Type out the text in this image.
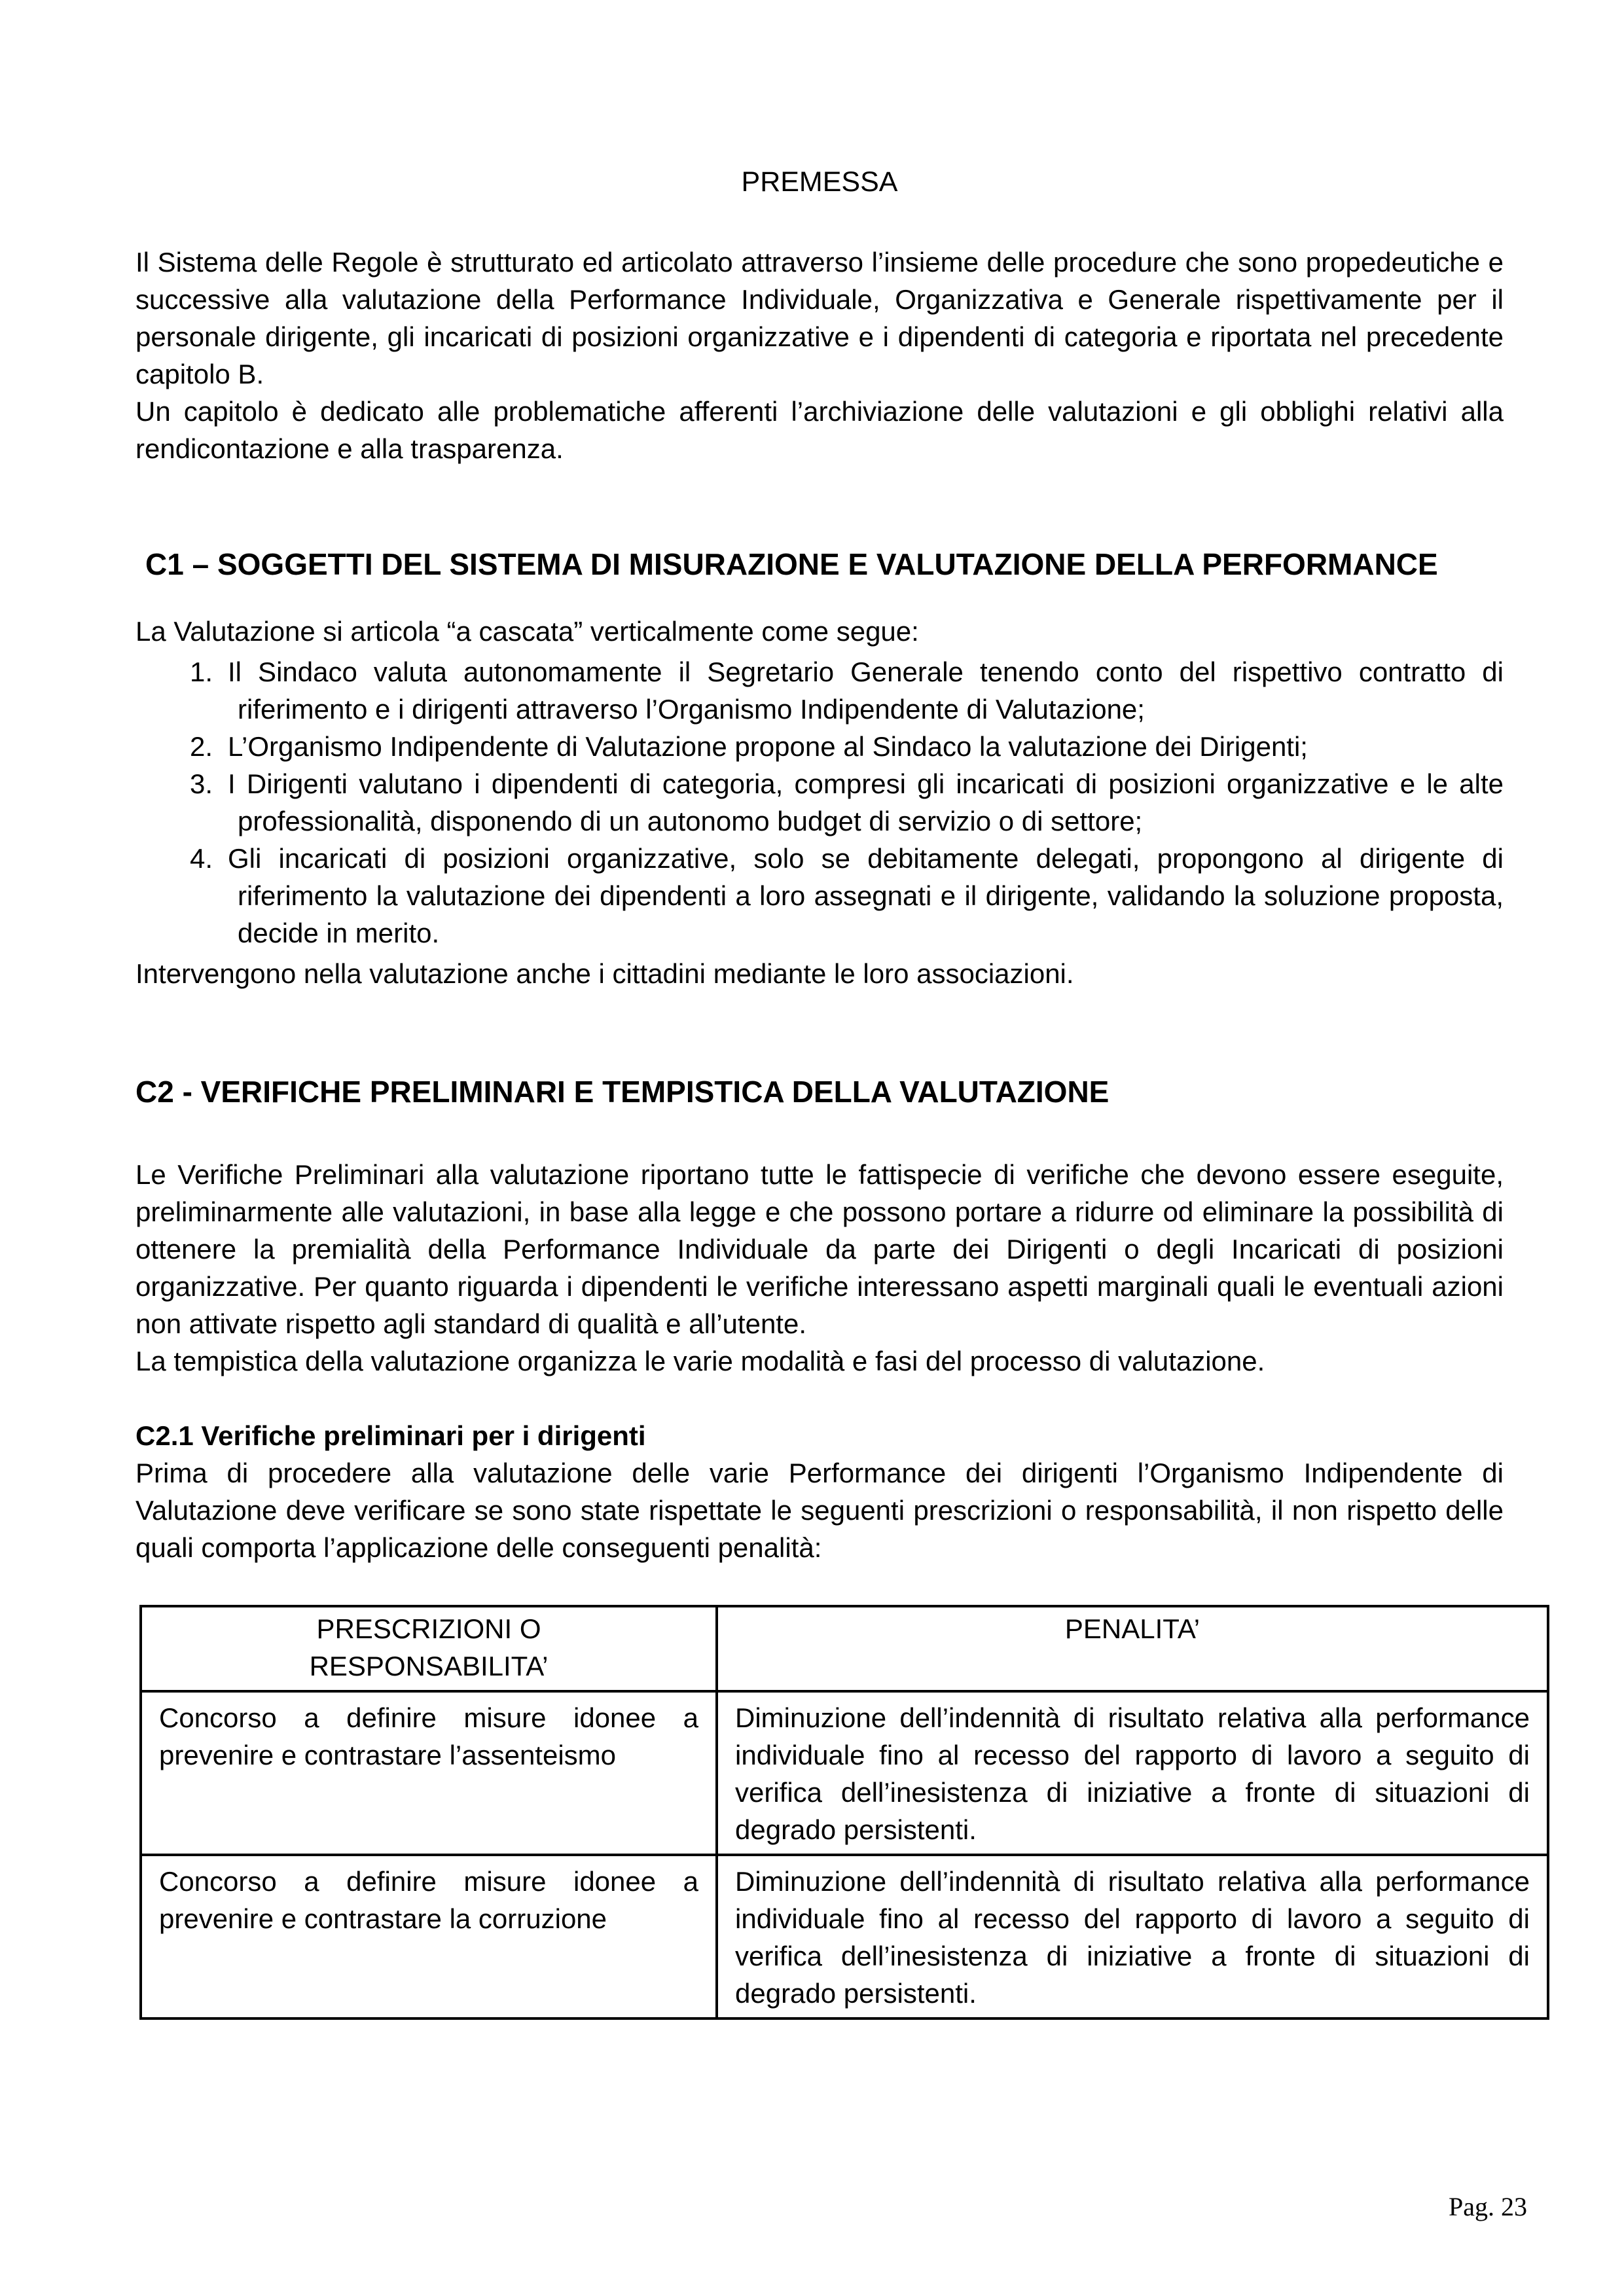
PREMESSA

Il Sistema delle Regole è strutturato ed articolato attraverso l’insieme delle procedure che sono propedeutiche e successive alla valutazione della Performance Individuale, Organizzativa e Generale rispettivamente per il personale dirigente, gli incaricati di posizioni organizzative e i dipendenti di categoria e riportata nel precedente capitolo B.

Un capitolo è dedicato alle problematiche afferenti l’archiviazione delle valutazioni e gli obblighi relativi alla rendicontazione e alla trasparenza.

C1 – SOGGETTI DEL SISTEMA DI MISURAZIONE E VALUTAZIONE DELLA PERFORMANCE
La Valutazione si articola “a cascata” verticalmente come segue:
1. Il Sindaco valuta autonomamente il Segretario Generale tenendo conto del rispettivo contratto di riferimento e i dirigenti attraverso l’Organismo Indipendente di Valutazione;
2. L’Organismo Indipendente di Valutazione propone al Sindaco la valutazione dei Dirigenti;
3. I Dirigenti valutano i dipendenti di categoria, compresi gli incaricati di posizioni organizzative e le alte professionalità, disponendo di un autonomo budget di servizio o di settore;
4. Gli incaricati di posizioni organizzative, solo se debitamente delegati, propongono al dirigente di riferimento la valutazione dei dipendenti a loro assegnati e il dirigente, validando la soluzione proposta, decide in merito.
Intervengono nella valutazione anche i cittadini mediante le loro associazioni.
C2 - VERIFICHE PRELIMINARI E TEMPISTICA DELLA VALUTAZIONE

Le Verifiche Preliminari alla valutazione riportano tutte le fattispecie di verifiche che devono essere eseguite, preliminarmente alle valutazioni, in base alla legge e che possono portare a ridurre od eliminare la possibilità di ottenere la premialità della Performance Individuale da parte dei Dirigenti o degli Incaricati di posizioni organizzative. Per quanto riguarda i dipendenti le verifiche interessano aspetti marginali quali le eventuali azioni non attivate rispetto agli standard di qualità e all’utente.

La tempistica della valutazione organizza le varie modalità e fasi del processo di valutazione.

C2.1 Verifiche preliminari per i dirigenti

Prima di procedere alla valutazione delle varie Performance dei dirigenti l’Organismo Indipendente di Valutazione deve verificare se sono state rispettate le seguenti prescrizioni o responsabilità, il non rispetto delle quali comporta l’applicazione delle conseguenti penalità:

PRESCRIZIONI O RESPONSABILITA’	PENALITA’
Concorso a definire misure idonee a prevenire e contrastare l’assenteismo	Diminuzione dell’indennità di risultato relativa alla performance individuale fino al recesso del rapporto di lavoro a seguito di verifica dell’inesistenza di iniziative a fronte di situazioni di degrado persistenti.
Concorso a definire misure idonee a prevenire e contrastare la corruzione	Diminuzione dell’indennità di risultato relativa alla performance individuale fino al recesso del rapporto di lavoro a seguito di verifica dell’inesistenza di iniziative a fronte di situazioni di degrado persistenti.
Pag. 23
